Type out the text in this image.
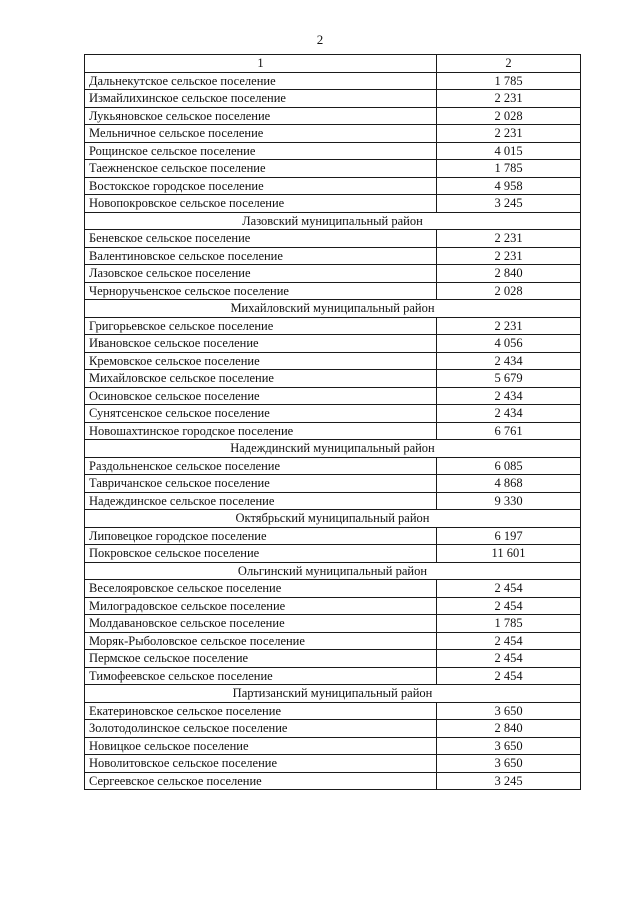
2
1	2
Дальнекутское сельское поселение	1 785
Измайлихинское сельское поселение	2 231
Лукьяновское сельское поселение	2 028
Мельничное сельское поселение	2 231
Рощинское сельское поселение	4 015
Таежненское сельское поселение	1 785
Востокское городское поселение	4 958
Новопокровское сельское поселение	3 245
Лазовский муниципальный район	
Беневское сельское поселение	2 231
Валентиновское сельское поселение	2 231
Лазовское сельское поселение	2 840
Черноручьенское сельское поселение	2 028
Михайловский муниципальный район	
Григорьевское сельское поселение	2 231
Ивановское сельское поселение	4 056
Кремовское сельское поселение	2 434
Михайловское сельское поселение	5 679
Осиновское сельское поселение	2 434
Сунятсенское сельское поселение	2 434
Новошахтинское городское поселение	6 761
Надеждинский муниципальный район	
Раздольненское сельское поселение	6 085
Тавричанское сельское поселение	4 868
Надеждинское сельское поселение	9 330
Октябрьский муниципальный район	
Липовецкое городское поселение	6 197
Покровское сельское поселение	11 601
Ольгинский муниципальный район	
Веселояровское сельское поселение	2 454
Милоградовское сельское поселение	2 454
Молдавановское сельское поселение	1 785
Моряк-Рыболовское сельское поселение	2 454
Пермское сельское поселение	2 454
Тимофеевское сельское поселение	2 454
Партизанский муниципальный район	
Екатериновское сельское поселение	3 650
Золотодолинское сельское поселение	2 840
Новицкое сельское поселение	3 650
Новолитовское сельское поселение	3 650
Сергеевское сельское поселение	3 245
